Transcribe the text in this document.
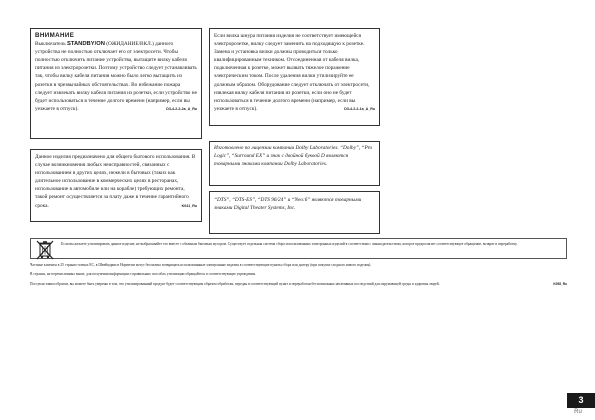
ВНИМАНИЕ

Выключатель STANDBY/ON (ОЖИДАНИЕ/ВКЛ.) данного устройства не полностью отключает его от электросети. Чтобы полностью отключить питание устройства, вытащите вилку кабеля питания из электророзетки. Поэтому устройство следует устанавливать так, чтобы вилку кабеля питания можно было легко вытащить из розетки в чрезвычайных обстоятельствах. Во избежание пожара следует извлекать вилку кабеля питания из розетки, если устройство не будет использоваться в течение долгого времени (например, если вы уезжаете в отпуск).	D3-4-2-2-2a_A_Ru

Если вилка шнура питания изделия не соответствует имеющейся электророзетке, вилку следует заменить на подходящую к розетке. Замена и установка вилки должны проводиться только квалифицированным техником. Отсоединенная от кабеля вилка, подключенная к розетке, может вызвать тяжелое поражение электрическим током. После удаления вилки утилизируйте ее должным образом. Оборудование следует отключать от электросети, извлекая вилку кабеля питания из розетки, если оно не будет использоваться в течение долгого времени (например, если вы уезжаете в отпуск).	D3-4-2-2-1a_A_Ru

Данное изделия предназначено для общего бытового использования. В случае возникновения любых неисправностей, связанных с использованием в других целях, нежели в бытовых (таких как длительное использование в коммерческих целях в ресторанах, использование в автомобиле или на корабле) требующих ремонта, такой ремонт осуществляется за плату даже в течение гарантийного срока.	K041_Ru

Изготовлено по лицензии компании Dolby Laboratories. “Dolby”, “Pro Logic”, “Surround EX” и знак с двойной буквой D являются товарными знаками компании Dolby Laboratories.

“DTS”, “DTS-ES”, “DTS 96/24” и “Neo:6” являются товарными знаками Digital Theater Systems, Inc.

Если вы желаете утилизировать данное изделие, не выбрасывайте его вместе с обычным бытовым мусором. Существует отдельная система сбора использованных электронных изделий в соответствии с законодательством, которое предполагает соответствующее обращение, возврат и переработку.

Частные клиенты в 25 странах-членах ЕС, в Швейцарии и Норвегии могут бесплатно возвращать использованные электронные изделия в соответствующие пункты сбора или дилеру (при покупке сходного нового изделия).

В странах, не перечисленных выше, для получения информации о правильных способах утилизации обращайтесь в соответствующие учреждения.

Поступая таким образом, вы можете быть уверены в том, что утилизированный продукт будет соответствующим образом обработан, передан в соответствующий пункт и переработан без возможных негативных последствий для окружающей среды и здоровья людей.	K058_Ru

3
Ru
